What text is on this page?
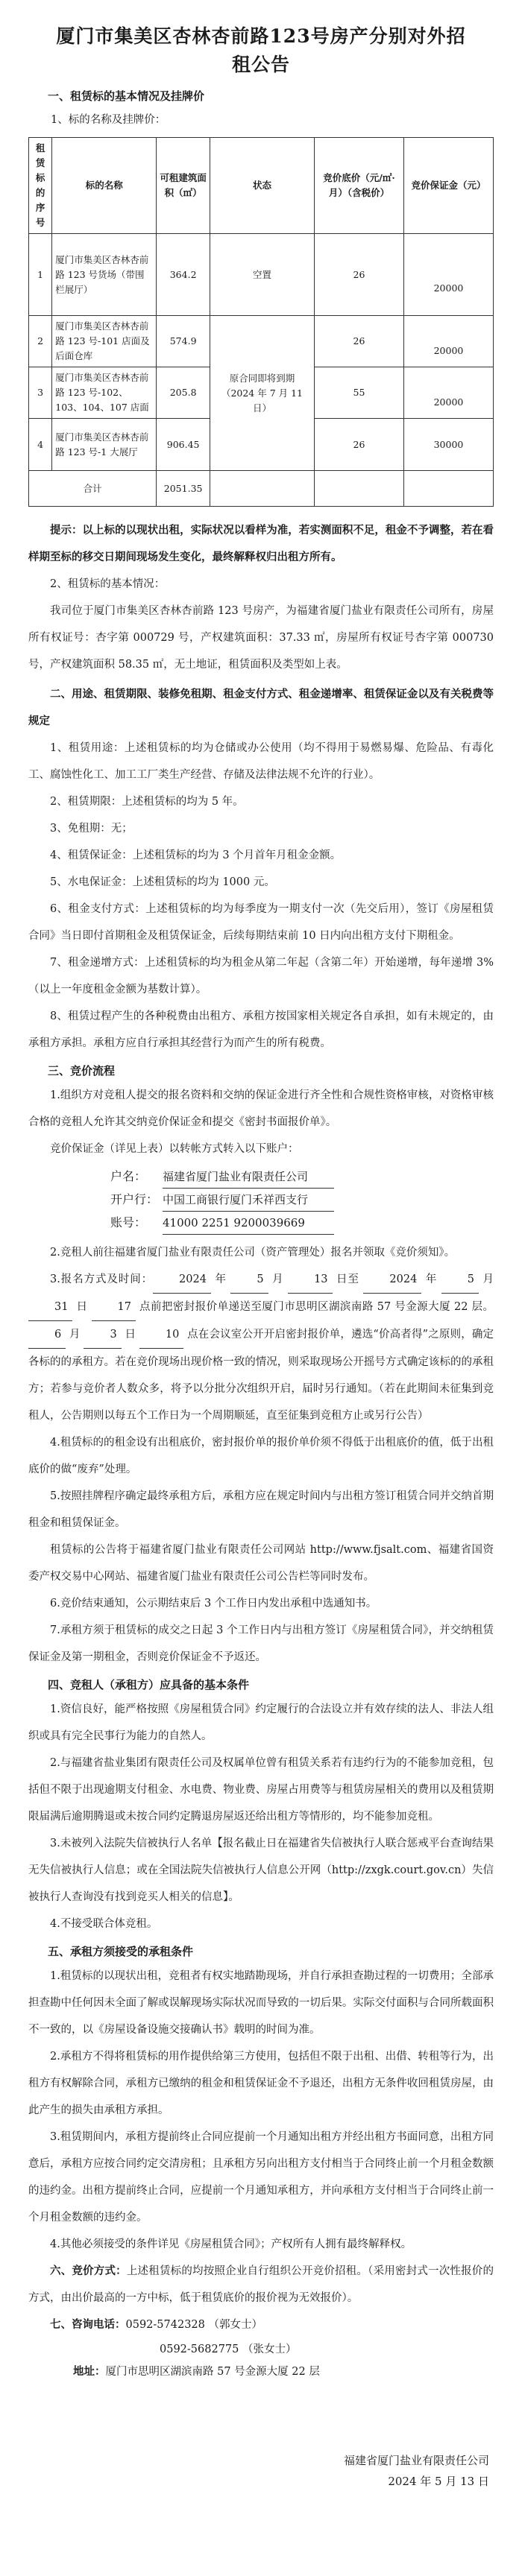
厦门市集美区杏林杏前路123号房产分别对外招租公告
一、租赁标的基本情况及挂牌价
1、标的名称及挂牌价：
租赁标的序号	标的名称	可租建筑面积（㎡）	状态	竞价底价（元/㎡·月）（含税价）	竞价保证金（元）
1	厦门市集美区杏林杏前路 123 号货场（带围栏展厅）	364.2	空置	26	20000
2	厦门市集美区杏林杏前路 123 号-101 店面及后面仓库	574.9	原合同即将到期（2024 年 7 月 11 日）	26	20000
3	厦门市集美区杏林杏前路 123 号-102、103、104、107 店面	205.8		55	20000
4	厦门市集美区杏林杏前路 123 号-1 大展厅	906.45		26	30000
合计		2051.35			

提示：以上标的以现状出租，实际状况以看样为准，若实测面积不足，租金不予调整，若在看样期至标的移交日期间现场发生变化，最终解释权归出租方所有。

2、租赁标的基本情况：

我司位于厦门市集美区杏林杏前路 123 号房产，为福建省厦门盐业有限责任公司所有，房屋所有权证号：杏字第 000729 号，产权建筑面积：37.33 ㎡，房屋所有权证号杏字第 000730 号，产权建筑面积 58.35 ㎡，无土地证，租赁面积及类型如上表。

二、用途、租赁期限、装修免租期、租金支付方式、租金递增率、租赁保证金以及有关税费等规定

1、租赁用途：上述租赁标的均为仓储或办公使用（均不得用于易燃易爆、危险品、有毒化工、腐蚀性化工、加工工厂类生产经营、存储及法律法规不允许的行业）。

2、租赁期限：上述租赁标的均为 5 年。

3、免租期：无；

4、租赁保证金：上述租赁标的均为 3 个月首年月租金金额。

5、水电保证金：上述租赁标的均为 1000 元。

6、租金支付方式：上述租赁标的均为每季度为一期支付一次（先交后用），签订《房屋租赁合同》当日即付首期租金及租赁保证金，后续每期结束前 10 日内向出租方支付下期租金。

7、租金递增方式：上述租赁标的均为租金从第二年起（含第二年）开始递增，每年递增 3%（以上一年度租金金额为基数计算）。

8、租赁过程产生的各种税费由出租方、承租方按国家相关规定各自承担，如有未规定的，由承租方承担。承租方应自行承担其经营行为而产生的所有税费。

三、竞价流程

1.组织方对竞租人提交的报名资料和交纳的保证金进行齐全性和合规性资格审核，对资格审核合格的竞租人允许其交纳竞价保证金和提交《密封书面报价单》。

竞价保证金（详见上表）以转帐方式转入以下账户：

户名： 福建省厦门盐业有限责任公司
开户行： 中国工商银行厦门禾祥西支行
账号： 41000 2251 9200039669

2.竞租人前往福建省厦门盐业有限责任公司（资产管理处）报名并领取《竞价须知》。

3.报名方式及时间： 2024 年 5 月 13 日至 2024 年 5 月 31 日 17 点前把密封报价单递送至厦门市思明区湖滨南路 57 号金源大厦 22 层。6 月 3 日 10 点在会议室公开开启密封报价单，遴选“价高者得”之原则，确定各标的的承租方。若在竞价现场出现价格一致的情况，则采取现场公开摇号方式确定该标的的承租方；若参与竞价者人数众多，将予以分批分次组织开启，届时另行通知。（若在此期间未征集到竞租人，公告期则以每五个工作日为一个周期顺延，直至征集到竞租方止或另行公告）

4.租赁标的的租金设有出租底价，密封报价单的报价单价须不得低于出租底价的值，低于出租底价的做“废弃”处理。

5.按照挂牌程序确定最终承租方后，承租方应在规定时间内与出租方签订租赁合同并交纳首期租金和租赁保证金。

租赁标的公告将于福建省厦门盐业有限责任公司网站 http://www.fjsalt.com、福建省国资委产权交易中心网站、福建省厦门盐业有限责任公司公告栏等同时发布。

6.竞价结束通知，公示期结束后 3 个工作日内发出承租中选通知书。

7.承租方须于租赁标的成交之日起 3 个工作日内与出租方签订《房屋租赁合同》，并交纳租赁保证金及第一期租金，否则竞价保证金不予返还。

四、竞租人（承租方）应具备的基本条件

1.资信良好，能严格按照《房屋租赁合同》约定履行的合法设立并有效存续的法人、非法人组织或具有完全民事行为能力的自然人。

2.与福建省盐业集团有限责任公司及权属单位曾有租赁关系若有违约行为的不能参加竞租，包括但不限于出现逾期支付租金、水电费、物业费、房屋占用费等与租赁房屋相关的费用以及租赁期限届满后逾期腾退或未按合同约定腾退房屋返还给出租方等情形的，均不能参加竞租。

3.未被列入法院失信被执行人名单【报名截止日在福建省失信被执行人联合惩戒平台查询结果无失信被执行人信息；或在全国法院失信被执行人信息公开网（http://zxgk.court.gov.cn）失信被执行人查询没有找到竞买人相关的信息】。

4.不接受联合体竞租。

五、承租方须接受的承租条件

1.租赁标的以现状出租，竞租者有权实地踏勘现场，并自行承担查勘过程的一切费用；全部承担查勘中任何因未全面了解或误解现场实际状况而导致的一切后果。实际交付面积与合同所载面积不一致的，以《房屋设备设施交接确认书》载明的时间为准。

2.承租方不得将租赁标的用作提供给第三方使用，包括但不限于出租、出借、转租等行为，出租方有权解除合同，承租方已缴纳的租金和租赁保证金不予退还，出租方无条件收回租赁房屋，由此产生的损失由承租方承担。

3.租赁期间内，承租方提前终止合同应提前一个月通知出租方并经出租方书面同意，出租方同意后，承租方应按合同约定交清房租；且承租方另向出租方支付相当于合同终止前一个月租金数额的违约金。出租方提前终止合同，应提前一个月通知承租方，并向承租方支付相当于合同终止前一个月租金数额的违约金。

4.其他必须接受的条件详见《房屋租赁合同》；产权所有人拥有最终解释权。

六、竞价方式：上述租赁标的均按照企业自行组织公开竞价招租。（采用密封式一次性报价的方式，由出价最高的一方中标，低于租赁底价的报价视为无效报价）。

七、咨询电话：0592-5742328 （郭女士）

0592-5682775 （张女士）
地址：厦门市思明区湖滨南路 57 号金源大厦 22 层
福建省厦门盐业有限责任公司
2024 年 5 月 13 日
